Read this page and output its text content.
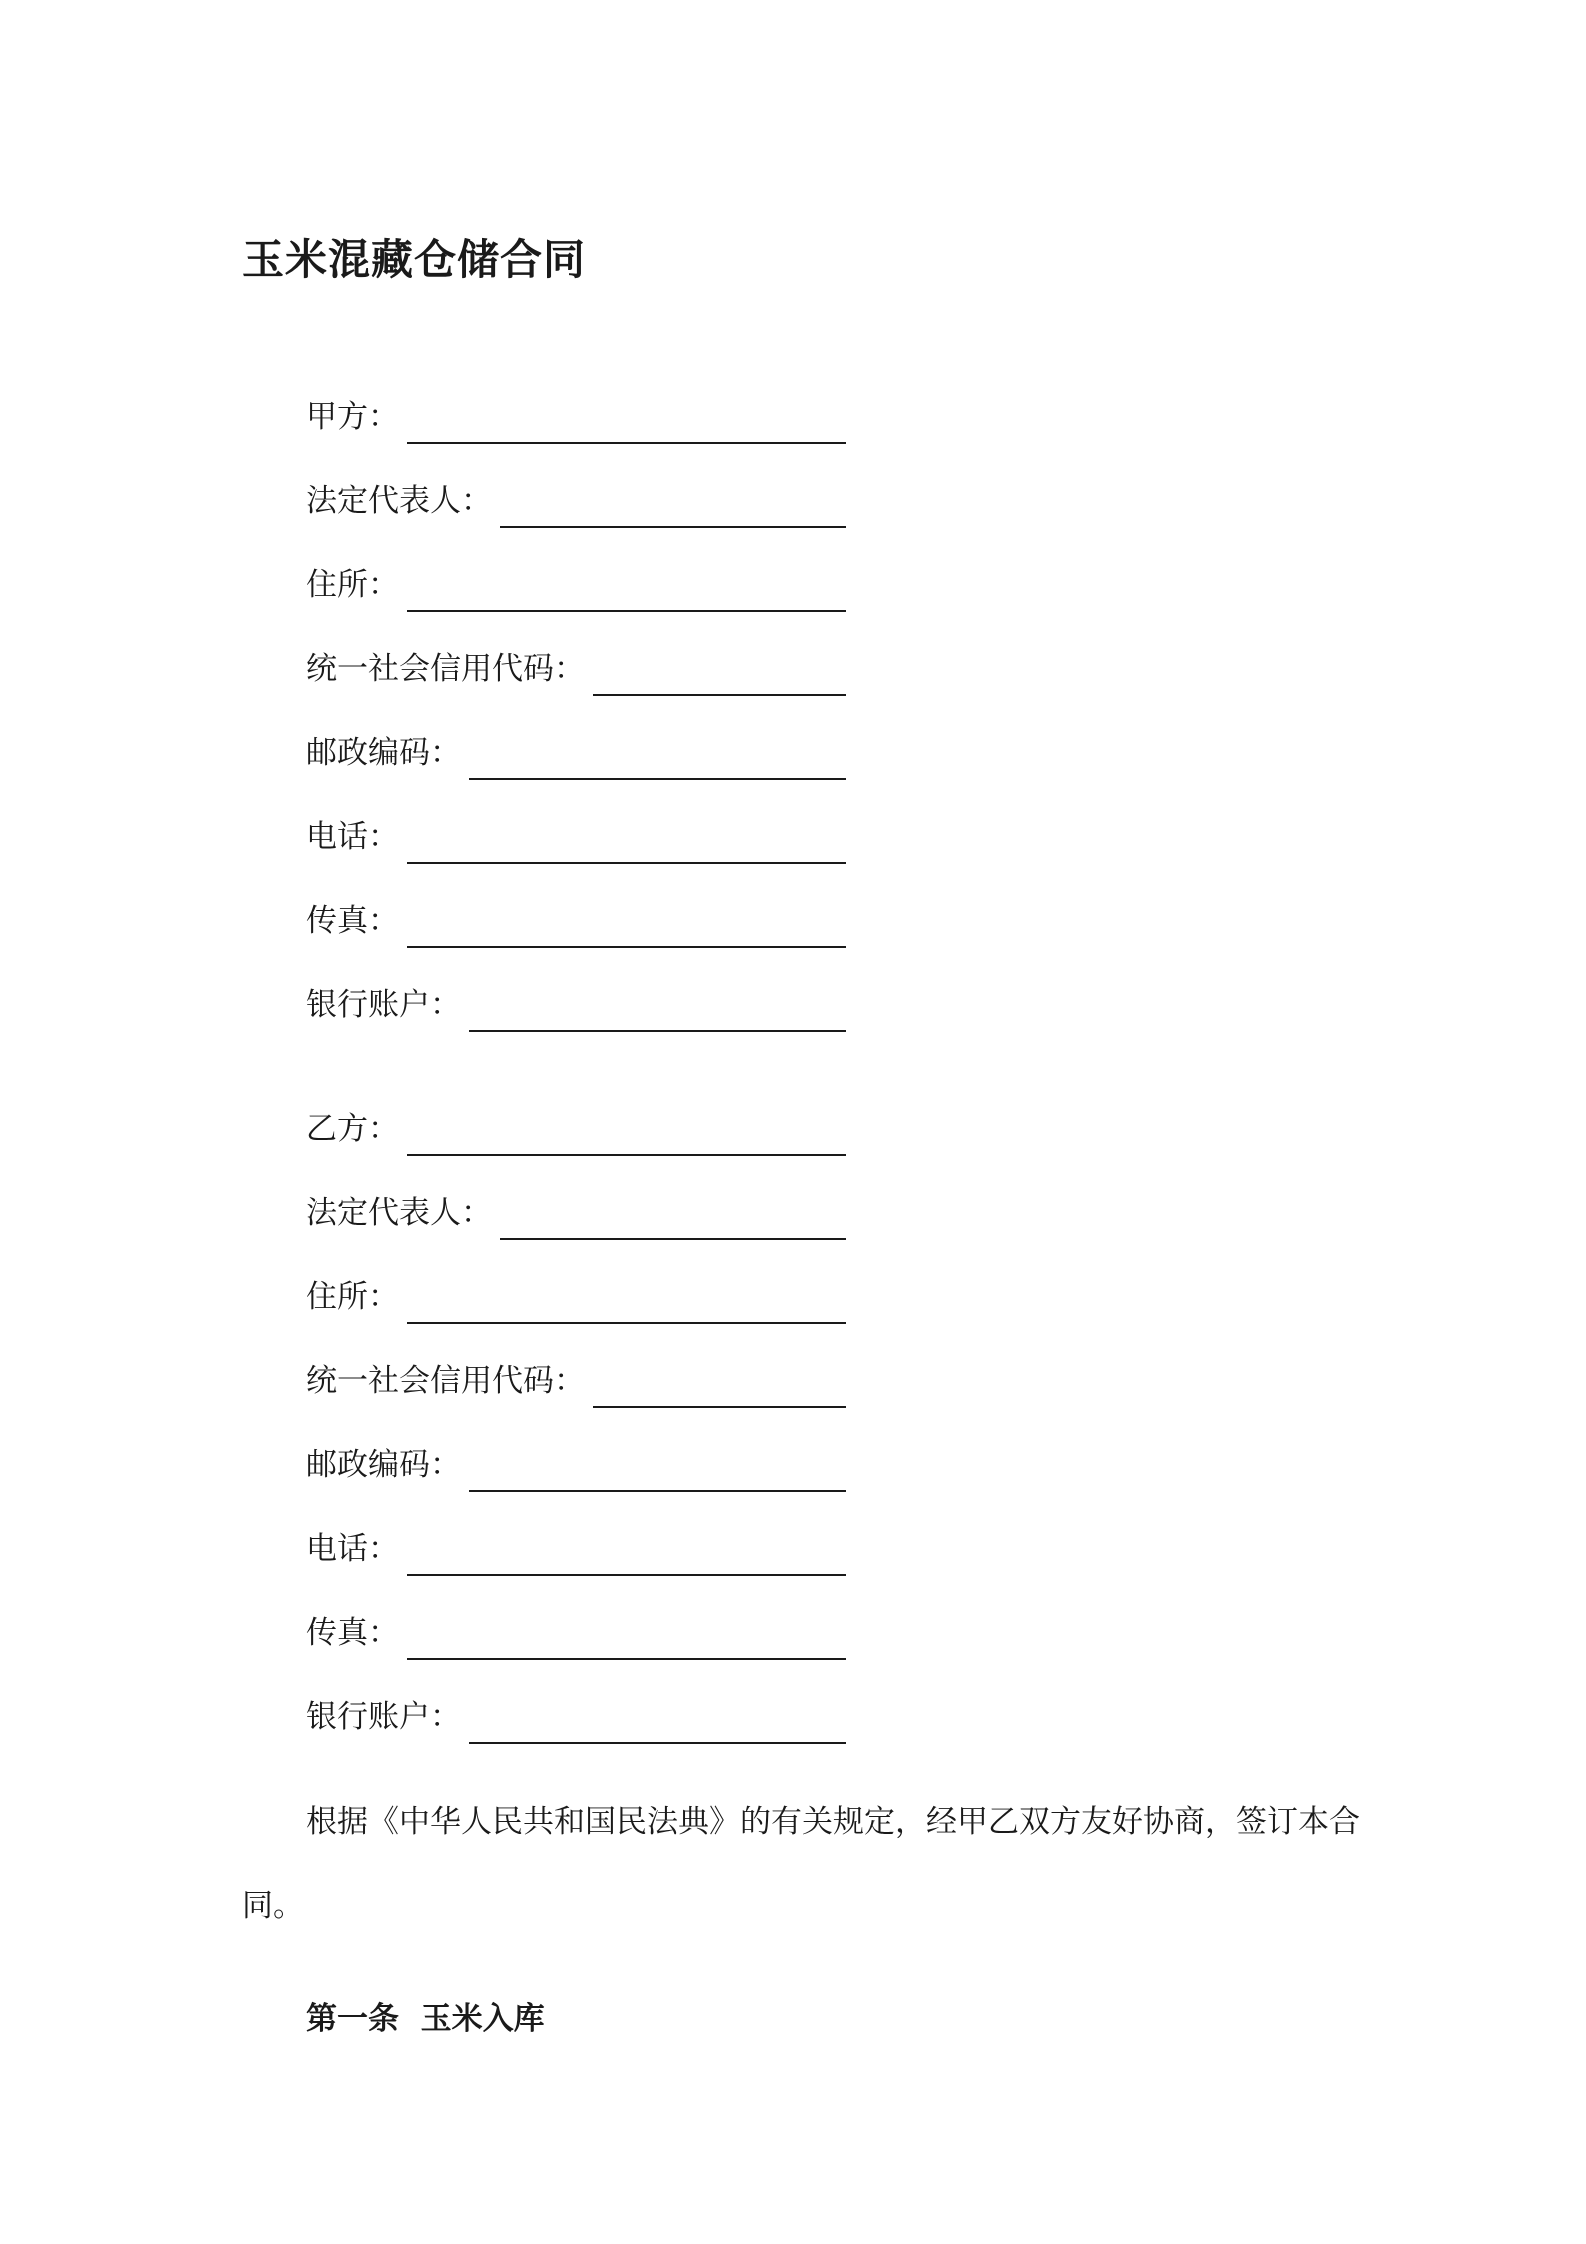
玉米混藏仓储合同
甲方：
法定代表人：
住所：
统一社会信用代码：
邮政编码：
电话：
传真：
银行账户：
乙方：
法定代表人：
住所：
统一社会信用代码：
邮政编码：
电话：
传真：
银行账户：

根据《中华人民共和国民法典》的有关规定，经甲乙双方友好协商，签订本合同。

第一条  玉米入库
